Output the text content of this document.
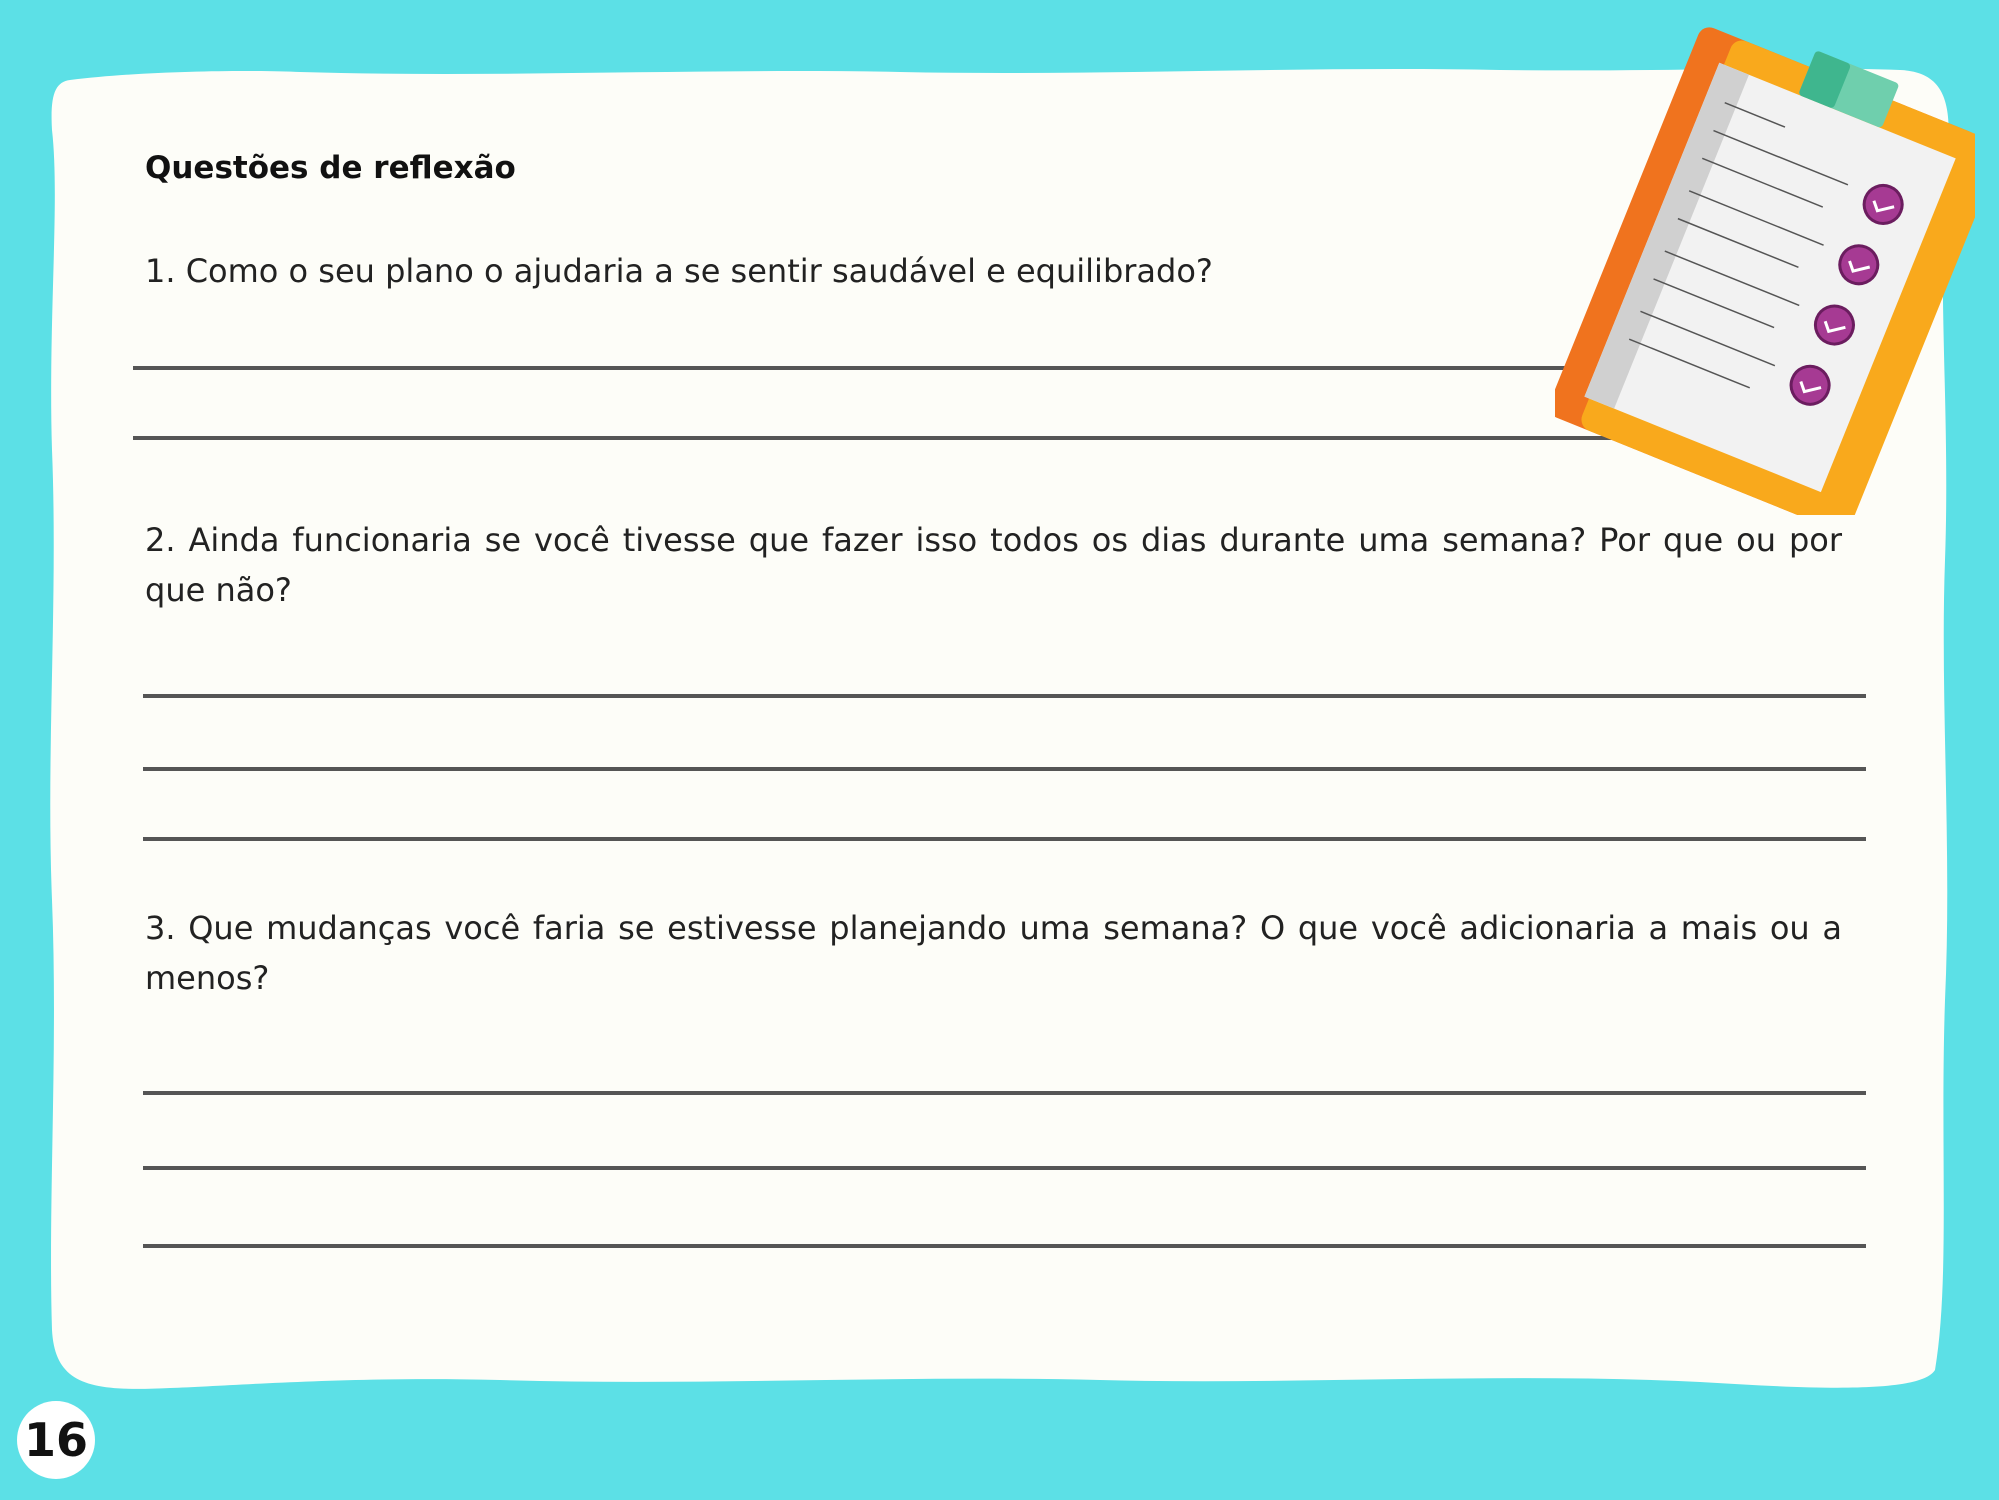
Questões de reflexão
1. Como o seu plano o ajudaria a se sentir saudável e equilibrado?
2. Ainda funcionaria se você tivesse que fazer isso todos os dias durante uma semana? Por que ou por que não?
3. Que mudanças você faria se estivesse planejando uma semana? O que você adicionaria a mais ou a menos?
16
